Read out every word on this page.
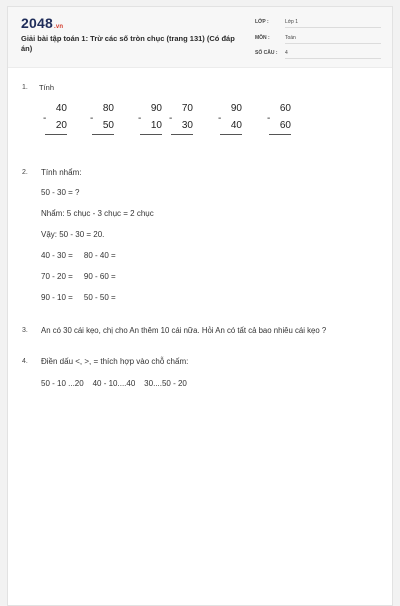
2048.vn
Giải bài tập toán 1: Trừ các số tròn chục (trang 131) (Có đáp án)
LỚP :	Lớp 1
MÔN :	Toán
SỐ CÂU : 4
1. Tính
40
-
20
80
-
50
90
-
10
70
-
30
90
-
40
60
-
60
2. Tính nhẩm:
50 - 30 = ?
Nhẩm: 5 chục - 3 chục = 2 chục
Vậy: 50 - 30 = 20.
40 - 30 =     80 - 40 =
70 - 20 =     90 - 60 =
90 - 10 =     50 - 50 =
3. An có 30 cái kẹo, chị cho An thêm 10 cái nữa. Hỏi An có tất cả bao nhiêu cái kẹo ?
4. Điền dấu <, >, = thích hợp vào chỗ chấm:
50 - 10 ...20    40 - 10....40    30....50 - 20
